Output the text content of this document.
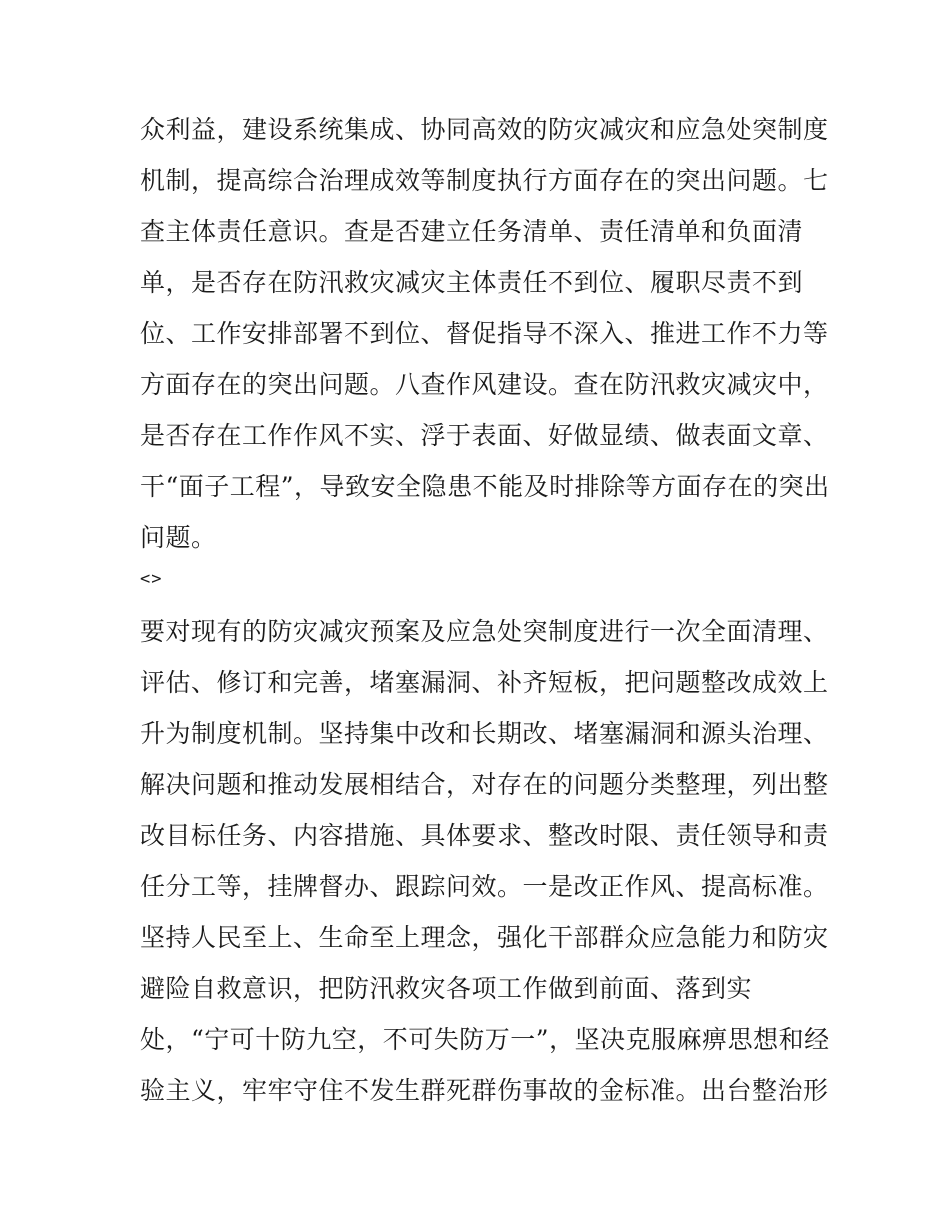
众利益，建设系统集成、协同高效的防灾减灾和应急处突制度
机制，提高综合治理成效等制度执行方面存在的突出问题。七
查主体责任意识。查是否建立任务清单、责任清单和负面清
单，是否存在防汛救灾减灾主体责任不到位、履职尽责不到
位、工作安排部署不到位、督促指导不深入、推进工作不力等
方面存在的突出问题。八查作风建设。查在防汛救灾减灾中，
是否存在工作作风不实、浮于表面、好做显绩、做表面文章、
干“面子工程”，导致安全隐患不能及时排除等方面存在的突出
问题。
<>
要对现有的防灾减灾预案及应急处突制度进行一次全面清理、
评估、修订和完善，堵塞漏洞、补齐短板，把问题整改成效上
升为制度机制。坚持集中改和长期改、堵塞漏洞和源头治理、
解决问题和推动发展相结合，对存在的问题分类整理，列出整
改目标任务、内容措施、具体要求、整改时限、责任领导和责
任分工等，挂牌督办、跟踪问效。一是改正作风、提高标准。
坚持人民至上、生命至上理念，强化干部群众应急能力和防灾
避险自救意识，把防汛救灾各项工作做到前面、落到实
处，“宁可十防九空，不可失防万一”，坚决克服麻痹思想和经
验主义，牢牢守住不发生群死群伤事故的金标准。出台整治形
